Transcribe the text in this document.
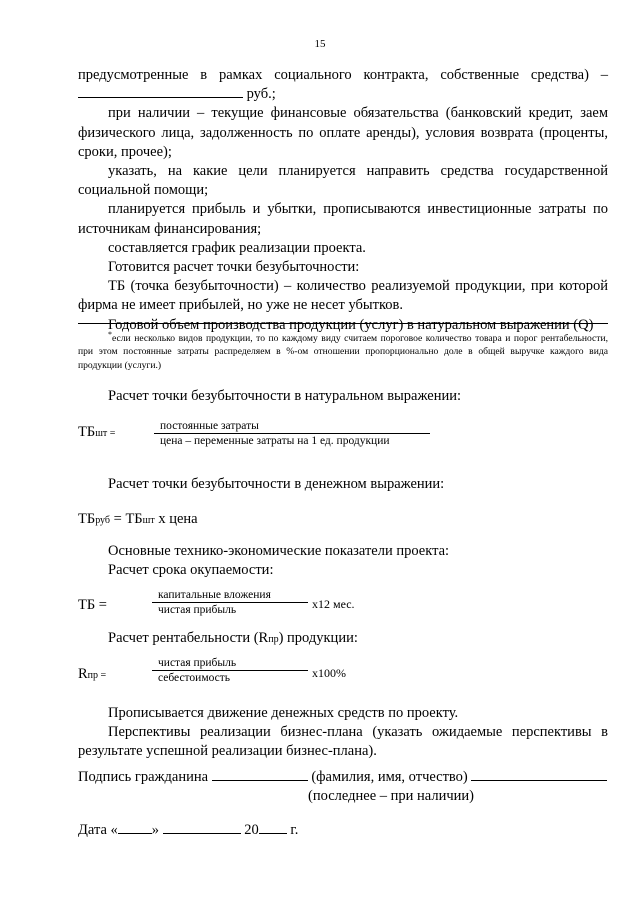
15

предусмотренные в рамках социального контракта, собственные средства) –  руб.;

при наличии – текущие финансовые обязательства (банковский кредит, заем физического лица, задолженность по оплате аренды), условия возврата (проценты, сроки, прочее);

указать, на какие цели планируется направить средства государственной социальной помощи;

планируется прибыль и убытки, прописываются инвестиционные затраты по источникам финансирования;

составляется график реализации проекта.

Готовится расчет точки безубыточности:

ТБ (точка безубыточности) – количество реализуемой продукции, при которой фирма не имеет прибылей, но уже не несет убытков.

Годовой объем производства продукции (услуг) в натуральном выражении (Q)

*если несколько видов продукции, то по каждому виду считаем пороговое количество товара и порог рентабельности, при этом постоянные затраты распределяем в %-ом отношении пропорционально доле в общей выручке каждого вида продукции (услуги.)
Расчет точки безубыточности в натуральном выражении:
ТБшт =
постоянные затраты
цена – переменные затраты на 1 ед. продукции
Расчет точки безубыточности в денежном выражении:
ТБруб = ТБшт х цена
Основные технико-экономические показатели проекта:
Расчет срока окупаемости:
ТБ =
капитальные вложения
чистая прибыль	х12 мес.
Расчет рентабельности (Rпр) продукции:
Rпр =
чистая прибыль
себестоимость	х100%

Прописывается движение денежных средств по проекту.

Перспективы реализации бизнес-плана (указать ожидаемые перспективы в результате успешной реализации бизнес-плана).

Подпись гражданина	(фамилия, имя, отчество)
(последнее – при наличии)
Дата « »	20 г.
